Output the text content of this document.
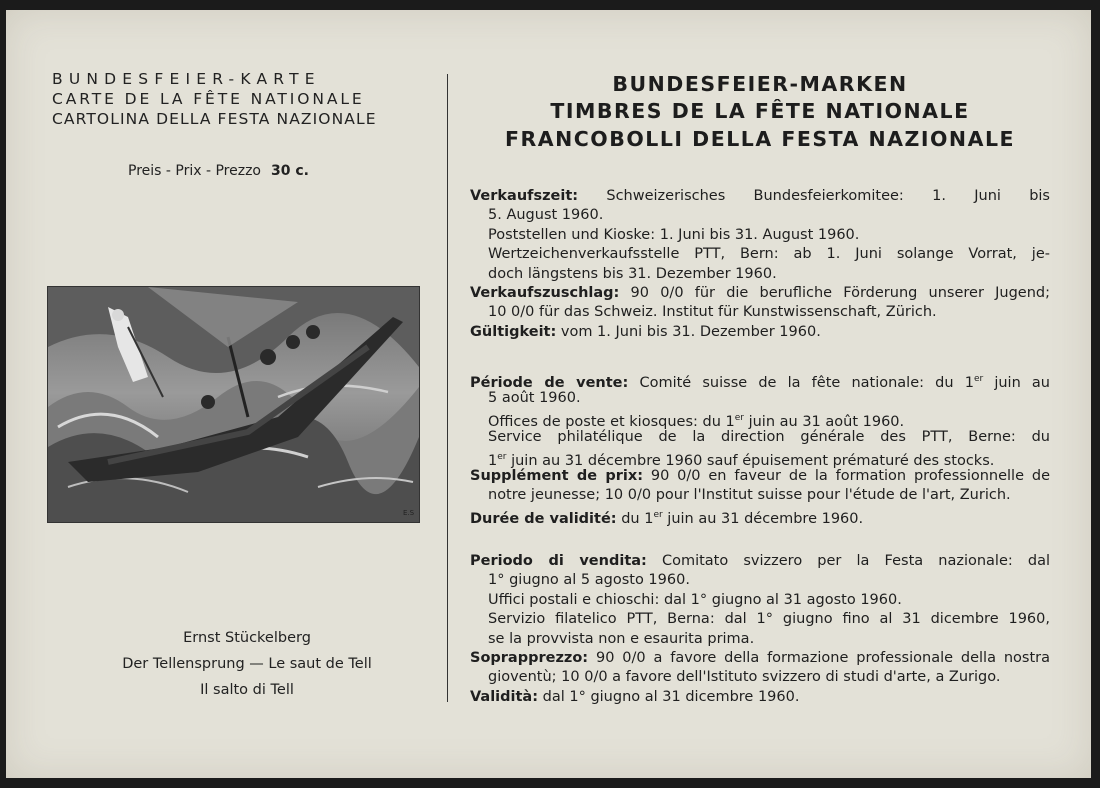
BUNDESFEIER-KARTE
CARTE DE LA FÊTE NATIONALE
CARTOLINA DELLA FESTA NAZIONALE
Preis - Prix - Prezzo 30 c.
E.S
Ernst Stückelberg
Der Tellensprung — Le saut de Tell
Il salto di Tell
BUNDESFEIER-MARKEN
TIMBRES DE LA FÊTE NATIONALE
FRANCOBOLLI DELLA FESTA NAZIONALE
Verkaufszeit: Schweizerisches Bundesfeierkomitee: 1. Juni bis
5. August 1960.
Poststellen und Kioske: 1. Juni bis 31. August 1960.
Wertzeichenverkaufsstelle PTT, Bern: ab 1. Juni solange Vorrat, je-
doch längstens bis 31. Dezember 1960.
Verkaufszuschlag: 90 0/0 für die berufliche Förderung unserer Jugend;
10 0/0 für das Schweiz. Institut für Kunstwissenschaft, Zürich.
Gültigkeit: vom 1. Juni bis 31. Dezember 1960.
Période de vente: Comité suisse de la fête nationale: du 1er juin au
5 août 1960.
Offices de poste et kiosques: du 1er juin au 31 août 1960.
Service philatélique de la direction générale des PTT, Berne: du
1er juin au 31 décembre 1960 sauf épuisement prématuré des stocks.
Supplément de prix: 90 0/0 en faveur de la formation professionnelle de
notre jeunesse; 10 0/0 pour l'Institut suisse pour l'étude de l'art, Zurich.
Durée de validité: du 1er juin au 31 décembre 1960.
Periodo di vendita: Comitato svizzero per la Festa nazionale: dal
1° giugno al 5 agosto 1960.
Uffici postali e chioschi: dal 1° giugno al 31 agosto 1960.
Servizio filatelico PTT, Berna: dal 1° giugno fino al 31 dicembre 1960,
se la provvista non e esaurita prima.
Soprapprezzo: 90 0/0 a favore della formazione professionale della nostra
gioventù; 10 0/0 a favore dell'Istituto svizzero di studi d'arte, a Zurigo.
Validità: dal 1° giugno al 31 dicembre 1960.
